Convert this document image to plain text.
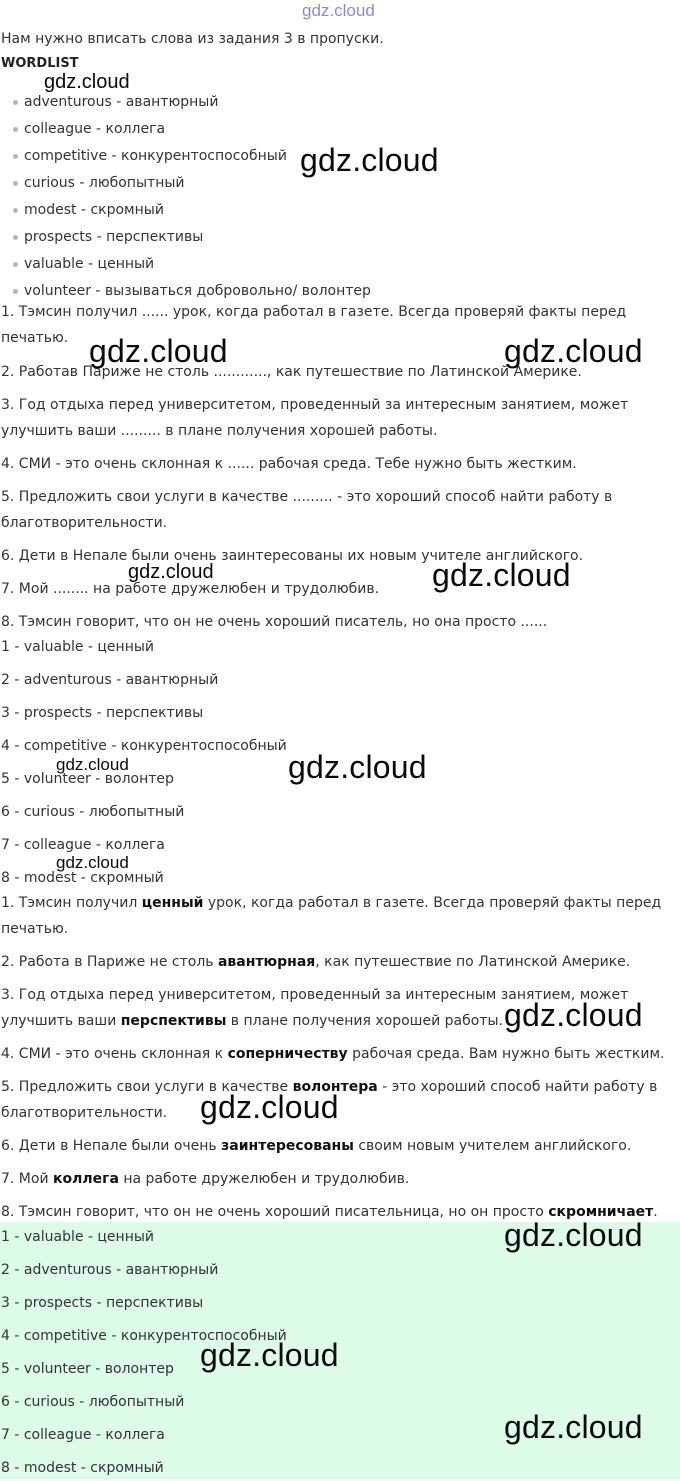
gdz.cloud
Нам нужно вписать слова из задания 3 в пропуски.
WORDLIST
adventurous - авантюрный
colleague - коллега
competitive - конкурентоспособный
curious - любопытный
modest - скромный
prospects - перспективы
valuable - ценный
volunteer - вызываться добровольно/ волонтер
1. Тэмсин получил ...... урок, когда работал в газете. Всегда проверяй факты перед печатью.
2. Работав Париже не столь ............, как путешествие по Латинской Америке.
3. Год отдыха перед университетом, проведенный за интересным занятием, может улучшить ваши ......... в плане получения хорошей работы.
4. СМИ - это очень склонная к ...... рабочая среда. Тебе нужно быть жестким.
5. Предложить свои услуги в качестве ......... - это хороший способ найти работу в благотворительности.
6. Дети в Непале были очень заинтересованы их новым учителе английского.
7. Мой ........ на работе дружелюбен и трудолюбив.
8. Тэмсин говорит, что он не очень хороший писатель, но она просто ......
1 - valuable - ценный
2 - adventurous - авантюрный
3 - prospects - перспективы
4 - competitive - конкурентоспособный
5 - volunteer - волонтер
6 - curious - любопытный
7 - colleague - коллега
8 - modest - скромный
1. Тэмсин получил ценный урок, когда работал в газете. Всегда проверяй факты перед печатью.
2. Работа в Париже не столь авантюрная, как путешествие по Латинской Америке.
3. Год отдыха перед университетом, проведенный за интересным занятием, может улучшить ваши перспективы в плане получения хорошей работы.
4. СМИ - это очень склонная к соперничеству рабочая среда. Вам нужно быть жестким.
5. Предложить свои услуги в качестве волонтера - это хороший способ найти работу в благотворительности.
6. Дети в Непале были очень заинтересованы своим новым учителем английского.
7. Мой коллега на работе дружелюбен и трудолюбив.
8. Тэмсин говорит, что он не очень хороший писательница, но он просто скромничает.
1 - valuable - ценный
2 - adventurous - авантюрный
3 - prospects - перспективы
4 - competitive - конкурентоспособный
5 - volunteer - волонтер
6 - curious - любопытный
7 - colleague - коллега
8 - modest - скромный
gdz.cloud
gdz.cloud
gdz.cloud	gdz.cloud
gdz.cloud	gdz.cloud
gdz.cloud	gdz.cloud
gdz.cloud
gdz.cloud
gdz.cloud
gdz.cloud
gdz.cloud
gdz.cloud
